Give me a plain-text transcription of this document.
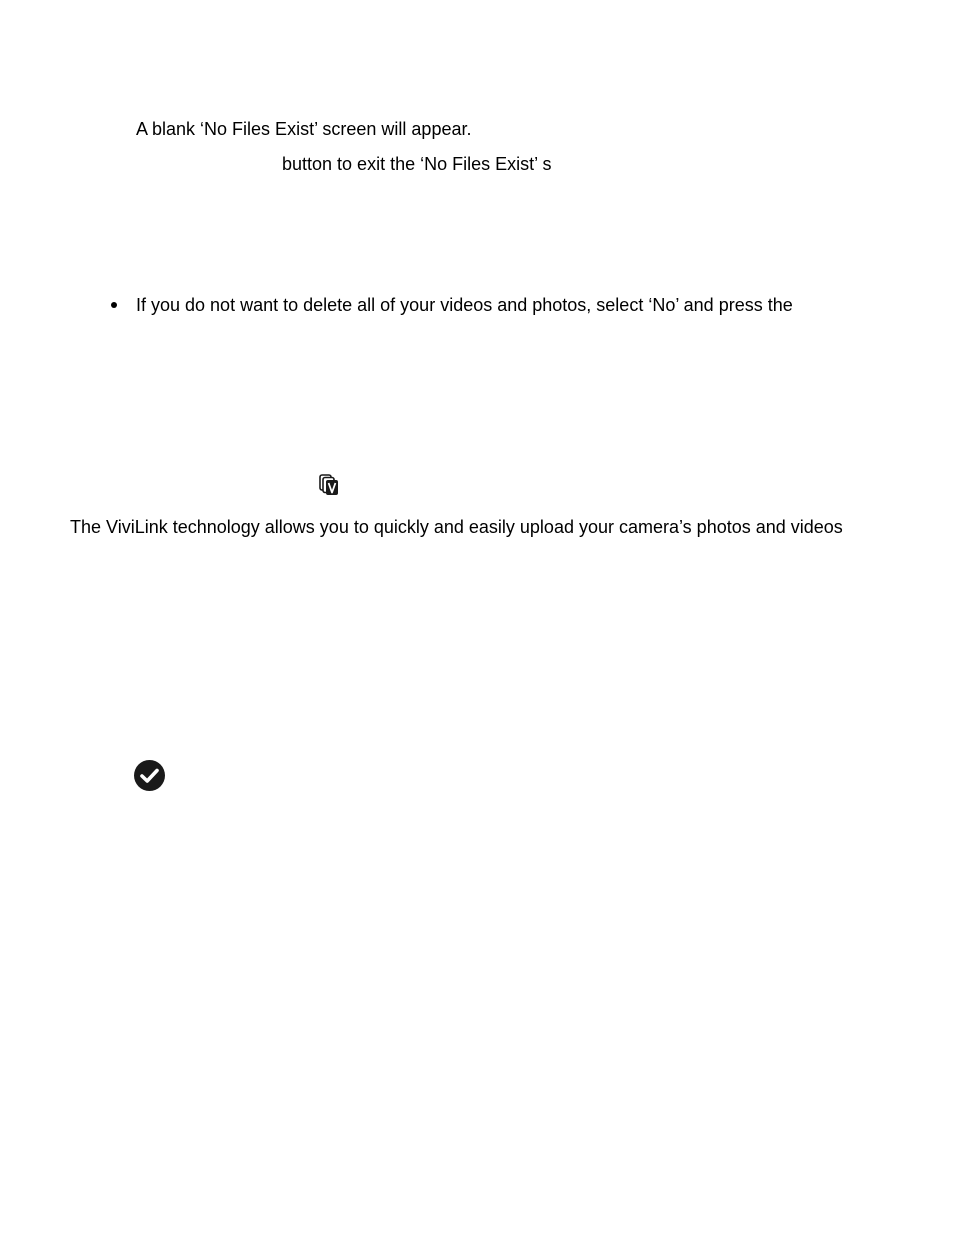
A blank ‘No Files Exist’ screen will appear.
button to exit the ‘No Files Exist’ s
If you do not want to delete all of your videos and photos, select ‘No’ and press the
The ViviLink technology allows you to quickly and easily upload your camera’s photos and videos
